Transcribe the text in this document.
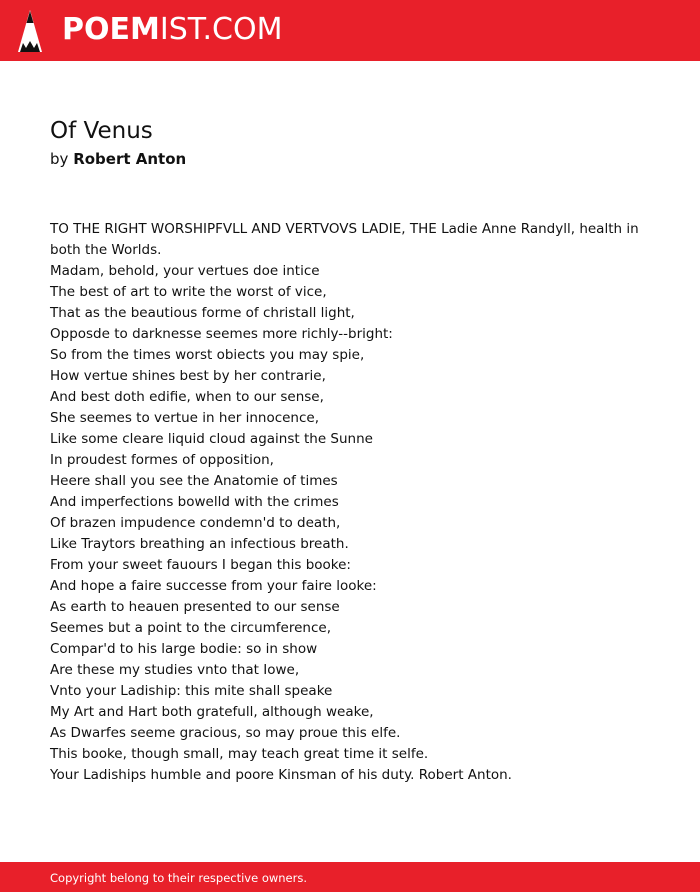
POEMIST.COM
Of Venus
by Robert Anton
TO THE RIGHT WORSHIPFVLL AND VERTVOVS LADIE, THE Ladie Anne Randyll, health in both the Worlds.
Madam, behold, your vertues doe intice
The best of art to write the worst of vice,
That as the beautious forme of christall light,
Opposde to darknesse seemes more richly--bright:
So from the times worst obiects you may spie,
How vertue shines best by her contrarie,
And best doth edifie, when to our sense,
She seemes to vertue in her innocence,
Like some cleare liquid cloud against the Sunne
In proudest formes of opposition,
Heere shall you see the Anatomie of times
And imperfections bowelld with the crimes
Of brazen impudence condemn'd to death,
Like Traytors breathing an infectious breath.
From your sweet fauours I began this booke:
And hope a faire successe from your faire looke:
As earth to heauen presented to our sense
Seemes but a point to the circumference,
Compar'd to his large bodie: so in show
Are these my studies vnto that Iowe,
Vnto your Ladiship: this mite shall speake
My Art and Hart both gratefull, although weake,
As Dwarfes seeme gracious, so may proue this elfe.
This booke, though small, may teach great time it selfe.
Your Ladiships humble and poore Kinsman of his duty. Robert Anton.
Copyright belong to their respective owners.
